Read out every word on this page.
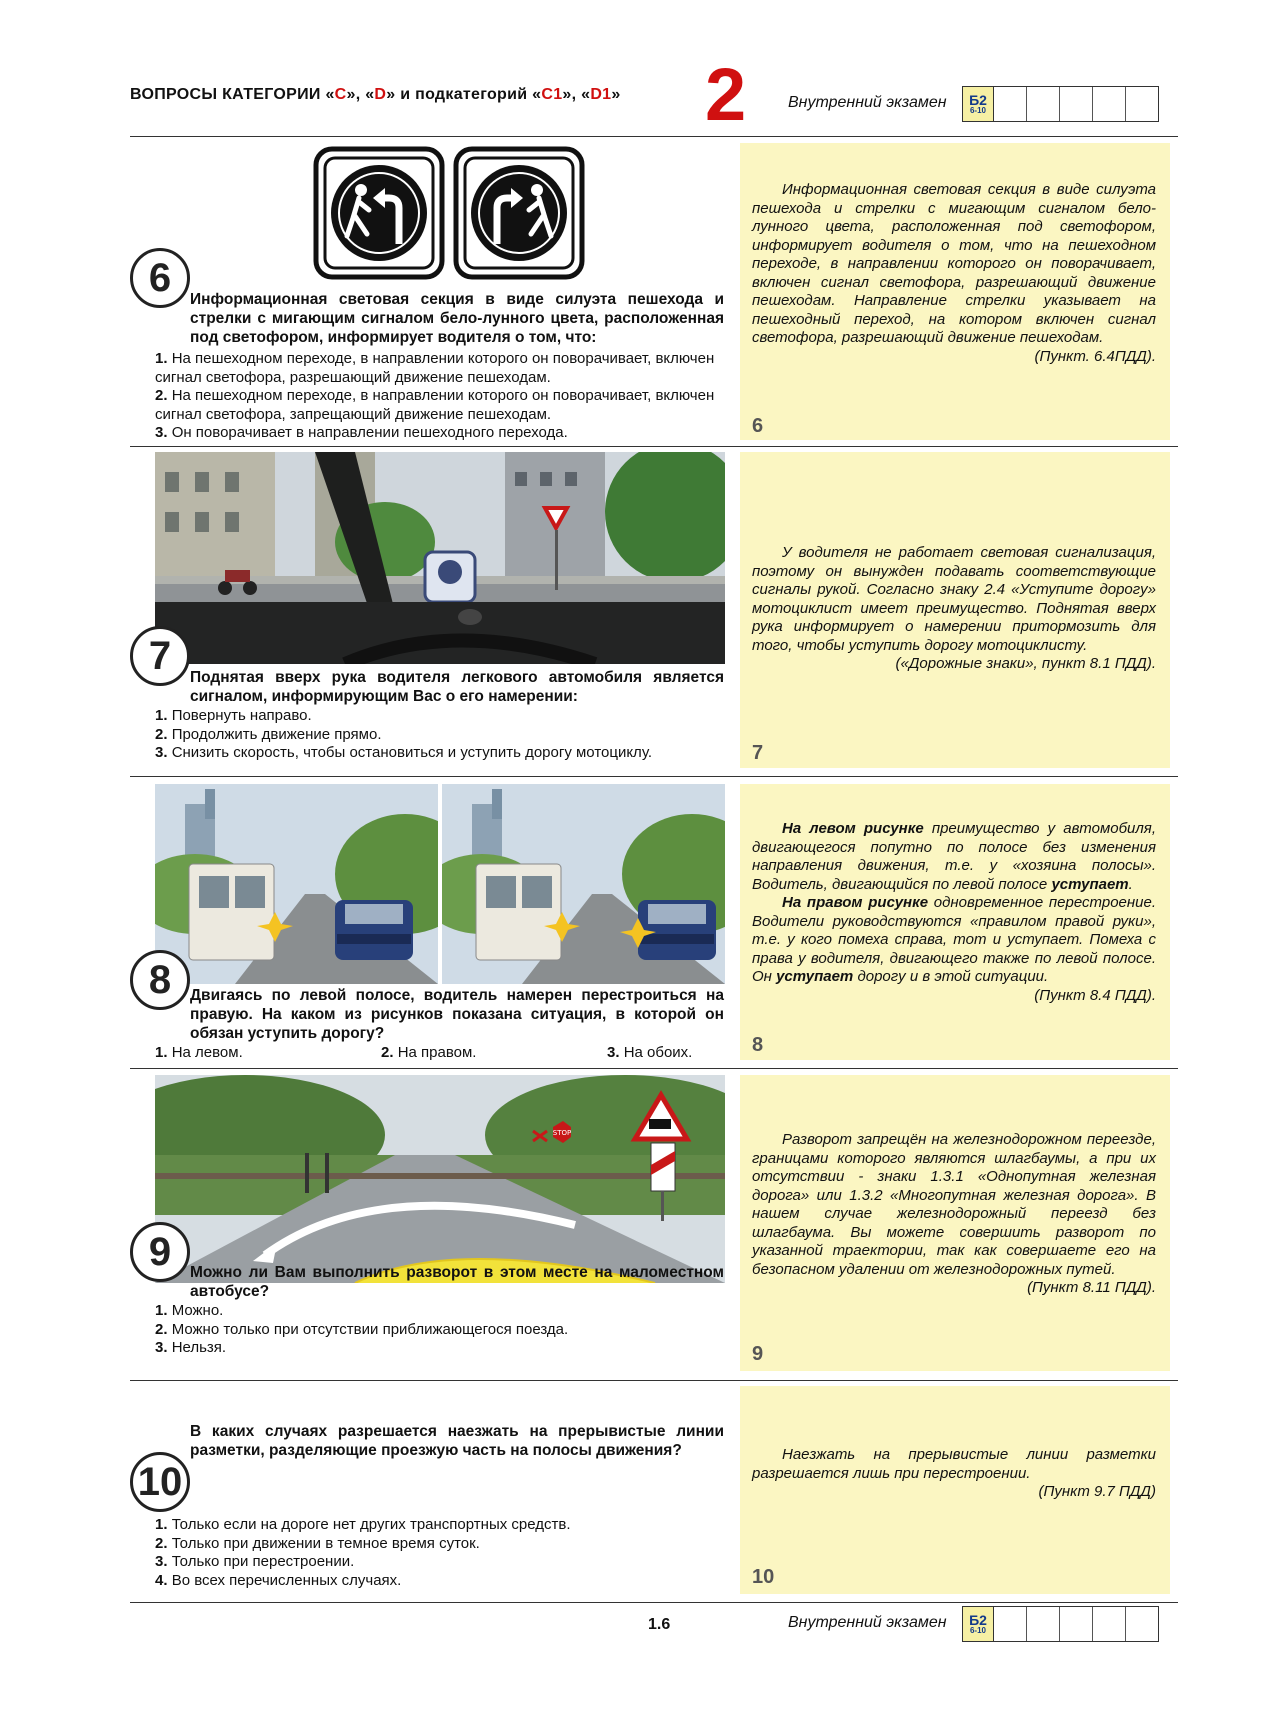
ВОПРОСЫ КАТЕГОРИИ «С», «D» и подкатегорий «С1», «D1» 2	Внутренний экзамен Б2
6-10
6	Информационная световая секция в виде силуэта пешехода и стрелки с мигающим сигналом бело-лунного цвета, расположенная под светофором, информирует водителя о том, что:

1. На пешеходном переходе, в направлении которого он поворачивает, включен сигнал светофора, разрешающий движение пешеходам.

2. На пешеходном переходе, в направлении которого он поворачивает, включен сигнал светофора, запрещающий движение пешеходам.

3. Он поворачивает в направлении пешеходного перехода.

Информационная световая секция в виде силуэта пешехода и стрелки с мигающим сигналом бело-лунного цвета, расположенная под светофором, информирует водителя о том, что на пешеходном переходе, в направлении которого он поворачивает, включен сигнал светофора, разрешающий движение пешеходам. Направление стрелки указывает на пешеходный переход, на котором включен сигнал светофора, разрешающий движение пешеходам.

(Пункт. 6.4ПДД).

6
7	Поднятая вверх рука водителя легкового автомобиля является сигналом, информирующим Вас о его намерении:

1. Повернуть направо.

2. Продолжить движение прямо.

3. Снизить скорость, чтобы остановиться и уступить дорогу мотоциклу.

У водителя не работает световая сигнализация, поэтому он вынужден подавать соответствующие сигналы рукой. Согласно знаку 2.4 «Уступите дорогу» мотоциклист имеет преимущество. Поднятая вверх рука информирует о намерении притормозить для того, чтобы уступить дорогу мотоциклисту.

(«Дорожные знаки», пункт 8.1 ПДД).

7
8	Двигаясь по левой полосе, водитель намерен перестроиться на правую. На каком из рисунков показана ситуация, в которой он обязан уступить дорогу?

1. На левом.	2. На правом.	3. На обоих.

На левом рисунке преимущество у автомобиля, двигающегося попутно по полосе без изменения направления движения, т.е. у «хозяина полосы». Водитель, двигающийся по левой полосе уступает.

На правом рисунке одновременное перестроение. Водители руководствуются «правилом правой руки», т.е. у кого помеха справа, тот и уступает. Помеха с права у водителя, двигающего также по левой полосе. Он уступает дорогу и в этой ситуации.

(Пункт 8.4 ПДД).

8
STOP
9	Можно ли Вам выполнить разворот в этом месте на маломестном автобусе?

1. Можно.

2. Можно только при отсутствии приближающегося поезда.

3. Нельзя.

Разворот запрещён на железнодорожном переезде, границами которого являются шлагбаумы, а при их отсутствии - знаки 1.3.1 «Однопутная железная дорога» или 1.3.2 «Многопутная железная дорога». В нашем случае железнодорожный переезд без шлагбаума. Вы можете совершить разворот по указанной траектории, так как совершаете его на безопасном удалении от железнодорожных путей.

(Пункт 8.11 ПДД).

9
10

В каких случаях разрешается наезжать на прерывистые линии разметки, разделяющие проезжую часть на полосы движения?

1. Только если на дороге нет других транспортных средств.

2. Только при движении в темное время суток.

3. Только при перестроении.

4. Во всех перечисленных случаях.

Наезжать на прерывистые линии разметки разрешается лишь при перестроении.

(Пункт 9.7 ПДД)

10
1.6	Внутренний экзамен Б2
6-10
